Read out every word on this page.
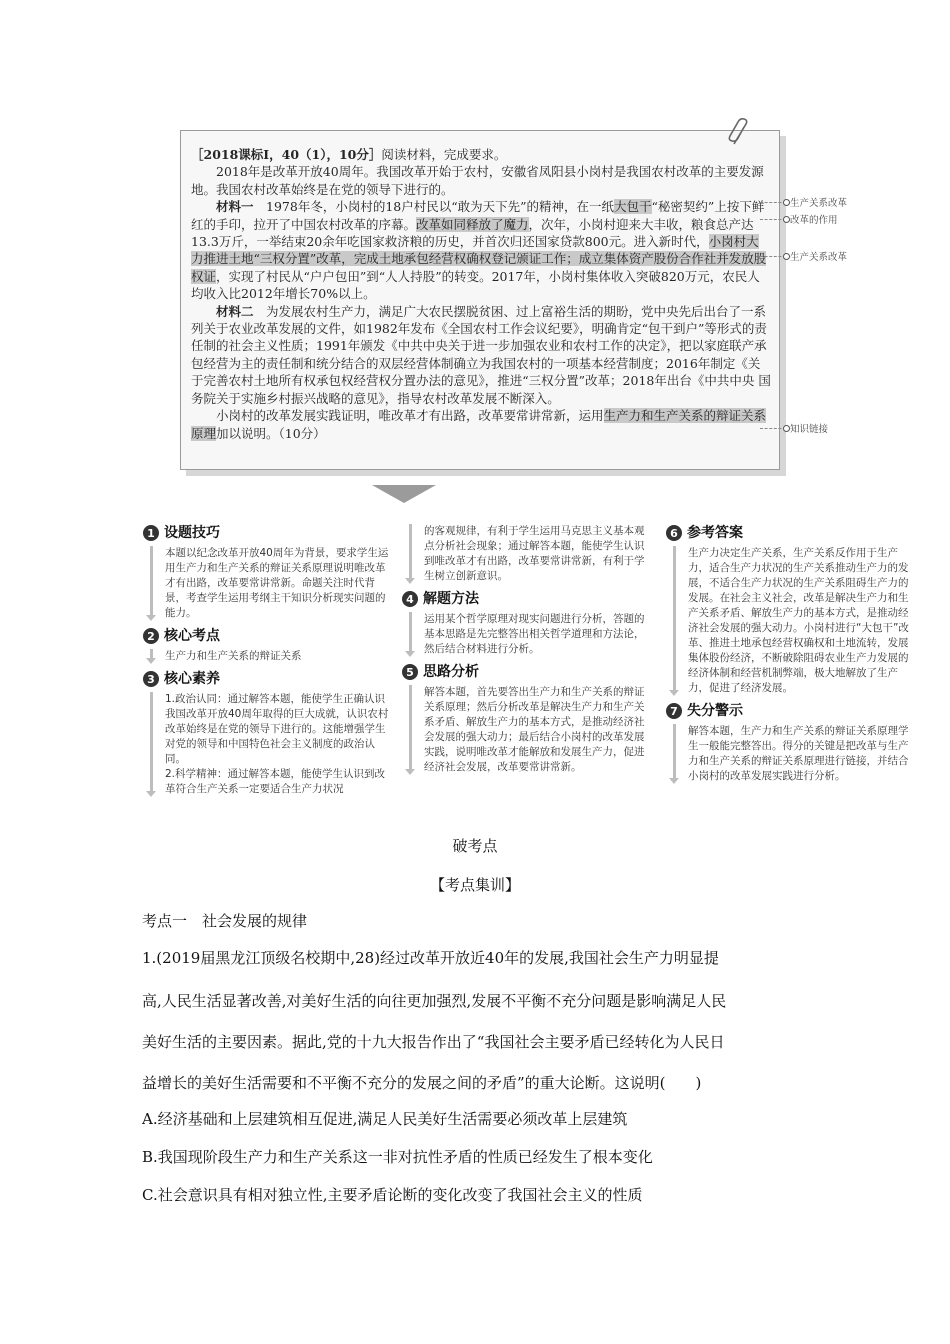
［2018课标Ⅰ，40（1），10分］阅读材料，完成要求。

2018年是改革开放40周年。我国改革开始于农村，安徽省凤阳县小岗村是我国农村改革的主要发源地。我国农村改革始终是在党的领导下进行的。

材料一　 1978年冬，小岗村的18户村民以“敢为天下先”的精神，在一纸大包干“秘密契约”上按下鲜红的手印，拉开了中国农村改革的序幕。改革如同释放了魔力，次年，小岗村迎来大丰收，粮食总产达13.3万斤，一举结束20余年吃国家救济粮的历史，并首次归还国家贷款800元。进入新时代，小岗村大力推进土地“三权分置”改革，完成土地承包经营权确权登记颁证工作；成立集体资产股份合作社并发放股权证，实现了村民从“户户包田”到“人人持股”的转变。2017年，小岗村集体收入突破820万元，农民人均收入比2012年增长70%以上。

材料二　 为发展农村生产力，满足广大农民摆脱贫困、过上富裕生活的期盼，党中央先后出台了一系列关于农业改革发展的文件，如1982年发布《全国农村工作会议纪要》，明确肯定“包干到户”等形式的责任制的社会主义性质；1991年颁发《中共中央关于进一步加强农业和农村工作的决定》，把以家庭联产承包经营为主的责任制和统分结合的双层经营体制确立为我国农村的一项基本经营制度；2016年制定《关于完善农村土地所有权承包权经营权分置办法的意见》，推进“三权分置”改革；2018年出台《中共中央 国务院关于实施乡村振兴战略的意见》，指导农村改革发展不断深入。

小岗村的改革发展实践证明，唯改革才有出路，改革要常讲常新，运用生产力和生产关系的辩证关系原理加以说明。（10分）

生产关系改革
改革的作用
生产关系改革
知识链接
1 设题技巧

本题以纪念改革开放40周年为背景，要求学生运用生产力和生产关系的辩证关系原理说明唯改革才有出路，改革要常讲常新。命题关注时代背景，考查学生运用考纲主干知识分析现实问题的能力。

2 核心考点

生产力和生产关系的辩证关系

3 核心素养

1.政治认同：通过解答本题，能使学生正确认识我国改革开放40周年取得的巨大成就，认识农村改革始终是在党的领导下进行的。这能增强学生对党的领导和中国特色社会主义制度的政治认同。

2.科学精神：通过解答本题，能使学生认识到改革符合生产关系一定要适合生产力状况

的客观规律，有利于学生运用马克思主义基本观点分析社会现象；通过解答本题，能使学生认识到唯改革才有出路，改革要常讲常新，有利于学生树立创新意识。

4 解题方法

运用某个哲学原理对现实问题进行分析，答题的基本思路是先完整答出相关哲学道理和方法论，然后结合材料进行分析。

5 思路分析

解答本题，首先要答出生产力和生产关系的辩证关系原理；然后分析改革是解决生产力和生产关系矛盾、解放生产力的基本方式，是推动经济社会发展的强大动力；最后结合小岗村的改革发展实践，说明唯改革才能解放和发展生产力，促进经济社会发展，改革要常讲常新。

6 参考答案

生产力决定生产关系，生产关系反作用于生产力，适合生产力状况的生产关系推动生产力的发展，不适合生产力状况的生产关系阻碍生产力的发展。在社会主义社会，改革是解决生产力和生产关系矛盾、解放生产力的基本方式，是推动经济社会发展的强大动力。小岗村进行“大包干”改革、推进土地承包经营权确权和土地流转，发展集体股份经济，不断破除阻碍农业生产力发展的经济体制和经营机制弊端，极大地解放了生产力，促进了经济发展。

7 失分警示

解答本题，生产力和生产关系的辩证关系原理学生一般能完整答出。得分的关键是把改革与生产力和生产关系的辩证关系原理进行链接，并结合小岗村的改革发展实践进行分析。

破考点
【考点集训】
考点一　社会发展的规律
1.(2019届黑龙江顶级名校期中,28)经过改革开放近40年的发展,我国社会生产力明显提
高,人民生活显著改善,对美好生活的向往更加强烈,发展不平衡不充分问题是影响满足人民
美好生活的主要因素。据此,党的十九大报告作出了“我国社会主要矛盾已经转化为人民日
益增长的美好生活需要和不平衡不充分的发展之间的矛盾”的重大论断。这说明(　　)
A.经济基础和上层建筑相互促进,满足人民美好生活需要必须改革上层建筑
B.我国现阶段生产力和生产关系这一非对抗性矛盾的性质已经发生了根本变化
C.社会意识具有相对独立性,主要矛盾论断的变化改变了我国社会主义的性质
